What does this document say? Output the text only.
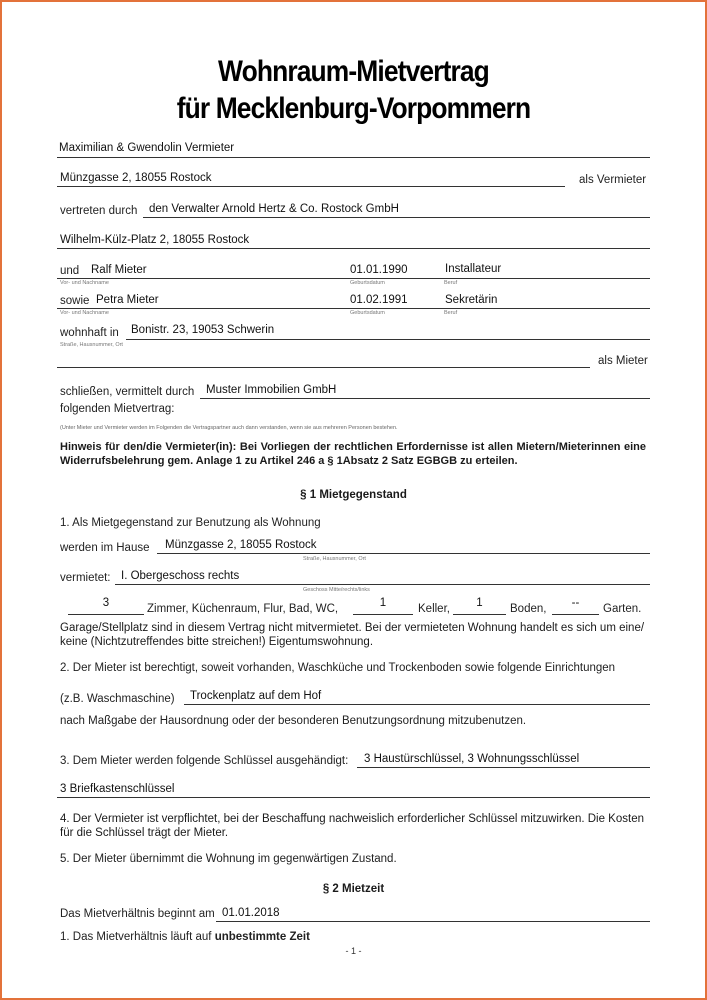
Wohnraum-Mietvertrag
für Mecklenburg-Vorpommern
Maximilian & Gwendolin Vermieter
Münzgasse 2, 18055 Rostock	als Vermieter
vertreten durch den Verwalter Arnold Hertz & Co. Rostock GmbH
Wilhelm-Külz-Platz 2, 18055 Rostock
und Ralf Mieter	01.01.1990	Installateur
Vor- und Nachname	Geburtsdatum	Beruf
sowie Petra Mieter	01.02.1991	Sekretärin
Vor- und Nachname	Geburtsdatum	Beruf
wohnhaft in Bonistr. 23, 19053 Schwerin
Straße, Hausnummer, Ort
als Mieter
schließen, vermittelt durch Muster Immobilien GmbH
folgenden Mietvertrag:
(Unter Mieter und Vermieter werden im Folgenden die Vertragspartner auch dann verstanden, wenn sie aus mehreren Personen bestehen.
Hinweis für den/die Vermieter(in): Bei Vorliegen der rechtlichen Erfordernisse ist allen Mietern/Mieterinnen eine Widerrufsbelehrung gem. Anlage 1 zu Artikel 246 a § 1Absatz 2 Satz EGBGB zu erteilen.
§ 1 Mietgegenstand
1. Als Mietgegenstand zur Benutzung als Wohnung
werden im Hause Münzgasse 2, 18055 Rostock
Straße, Hausnummer, Ort
vermietet: I. Obergeschoss rechts
Geschoss Mitte/rechts/links
3	Zimmer, Küchenraum, Flur, Bad, WC,	1	Keller,	1	Boden,	--	Garten.
Garage/Stellplatz sind in diesem Vertrag nicht mitvermietet. Bei der vermieteten Wohnung handelt es sich um eine/ keine (Nichtzutreffendes bitte streichen!) Eigentumswohnung.
2. Der Mieter ist berechtigt, soweit vorhanden, Waschküche und Trockenboden sowie folgende Einrichtungen
(z.B. Waschmaschine) Trockenplatz auf dem Hof
nach Maßgabe der Hausordnung oder der besonderen Benutzungsordnung mitzubenutzen.
3. Dem Mieter werden folgende Schlüssel ausgehändigt: 3 Haustürschlüssel, 3 Wohnungsschlüssel
3 Briefkastenschlüssel
4. Der Vermieter ist verpflichtet, bei der Beschaffung nachweislich erforderlicher Schlüssel mitzuwirken. Die Kosten für die Schlüssel trägt der Mieter.
5. Der Mieter übernimmt die Wohnung im gegenwärtigen Zustand.
§ 2 Mietzeit
Das Mietverhältnis beginnt am 01.01.2018
1. Das Mietverhältnis läuft auf unbestimmte Zeit
- 1 -
